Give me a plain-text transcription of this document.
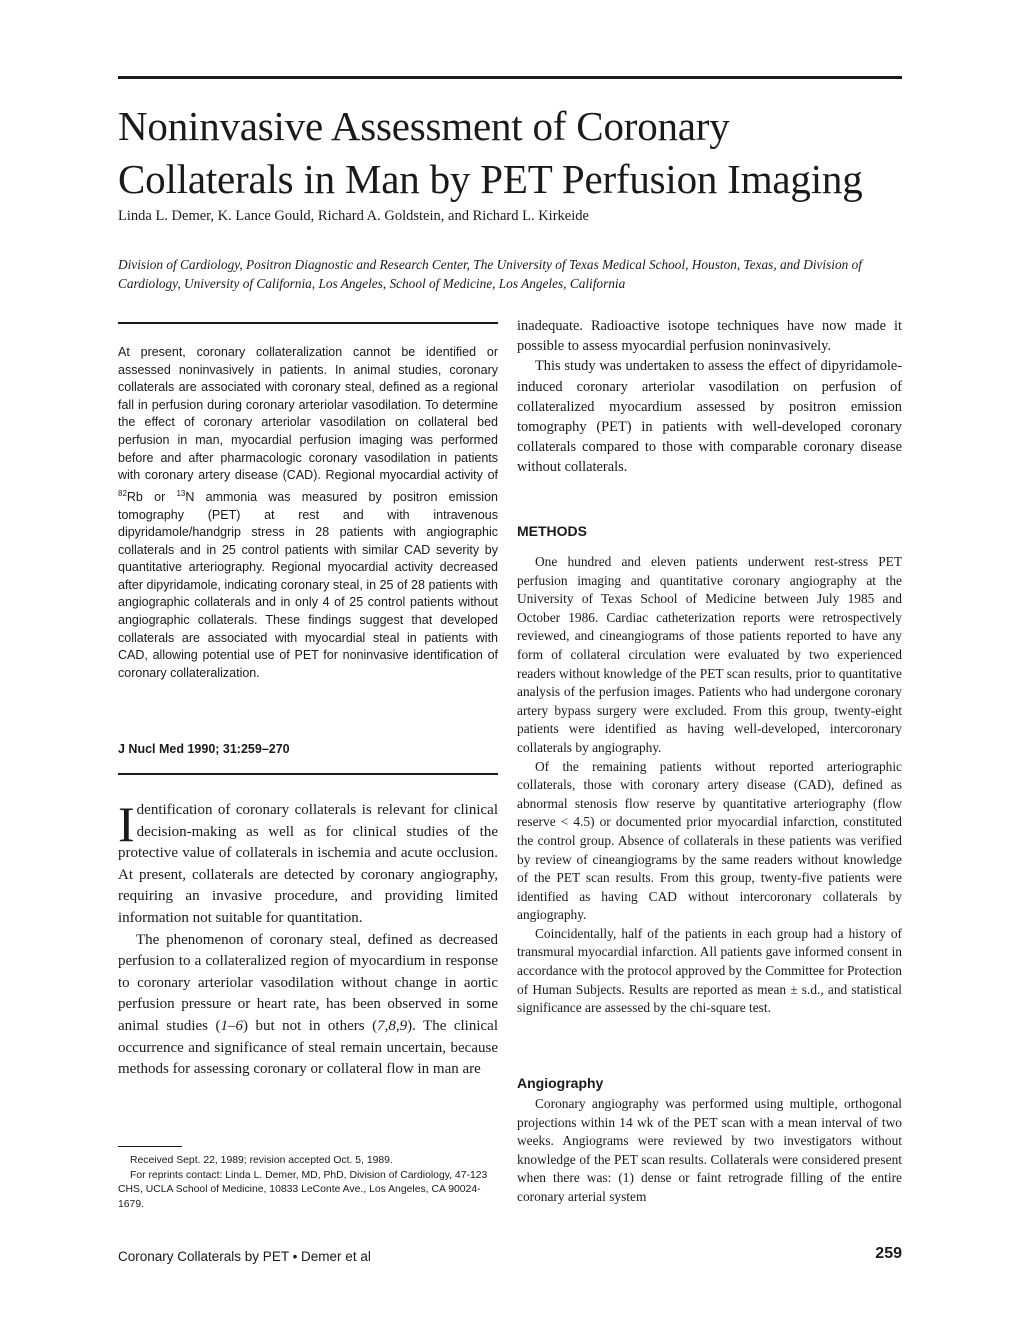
Noninvasive Assessment of Coronary
Collaterals in Man by PET Perfusion Imaging
Linda L. Demer, K. Lance Gould, Richard A. Goldstein, and Richard L. Kirkeide
Division of Cardiology, Positron Diagnostic and Research Center, The University of Texas Medical School, Houston, Texas, and Division of Cardiology, University of California, Los Angeles, School of Medicine, Los Angeles, California
At present, coronary collateralization cannot be identified or assessed noninvasively in patients. In animal studies, coronary collaterals are associated with coronary steal, defined as a regional fall in perfusion during coronary arteriolar vasodilation. To determine the effect of coronary arteriolar vasodilation on collateral bed perfusion in man, myocardial perfusion imaging was performed before and after pharmacologic coronary vasodilation in patients with coronary artery disease (CAD). Regional myocardial activity of $^{82}$Rb or $^{13}$N ammonia was measured by positron emission tomography (PET) at rest and with intravenous dipyridamole/handgrip stress in 28 patients with angiographic collaterals and in 25 control patients with similar CAD severity by quantitative arteriography. Regional myocardial activity decreased after dipyridamole, indicating coronary steal, in 25 of 28 patients with angiographic collaterals and in only 4 of 25 control patients without angiographic collaterals. These findings suggest that developed collaterals are associated with myocardial steal in patients with CAD, allowing potential use of PET for noninvasive identification of coronary collateralization.
J Nucl Med 1990; 31:259–270

Identification of coronary collaterals is relevant for clinical decision-making as well as for clinical studies of the protective value of collaterals in ischemia and acute occlusion. At present, collaterals are detected by coronary angiography, requiring an invasive procedure, and providing limited information not suitable for quantitation.

The phenomenon of coronary steal, defined as decreased perfusion to a collateralized region of myocardium in response to coronary arteriolar vasodilation without change in aortic perfusion pressure or heart rate, has been observed in some animal studies (1–6) but not in others (7,8,9). The clinical occurrence and significance of steal remain uncertain, because methods for assessing coronary or collateral flow in man are

Received Sept. 22, 1989; revision accepted Oct. 5, 1989.

For reprints contact: Linda L. Demer, MD, PhD, Division of Cardiology, 47-123 CHS, UCLA School of Medicine, 10833 LeConte Ave., Los Angeles, CA 90024-1679.

inadequate. Radioactive isotope techniques have now made it possible to assess myocardial perfusion noninvasively.

This study was undertaken to assess the effect of dipyridamole-induced coronary arteriolar vasodilation on perfusion of collateralized myocardium assessed by positron emission tomography (PET) in patients with well-developed coronary collaterals compared to those with comparable coronary disease without collaterals.

METHODS

One hundred and eleven patients underwent rest-stress PET perfusion imaging and quantitative coronary angiography at the University of Texas School of Medicine between July 1985 and October 1986. Cardiac catheterization reports were retrospectively reviewed, and cineangiograms of those patients reported to have any form of collateral circulation were evaluated by two experienced readers without knowledge of the PET scan results, prior to quantitative analysis of the perfusion images. Patients who had undergone coronary artery bypass surgery were excluded. From this group, twenty-eight patients were identified as having well-developed, intercoronary collaterals by angiography.

Of the remaining patients without reported arteriographic collaterals, those with coronary artery disease (CAD), defined as abnormal stenosis flow reserve by quantitative arteriography (flow reserve < 4.5) or documented prior myocardial infarction, constituted the control group. Absence of collaterals in these patients was verified by review of cineangiograms by the same readers without knowledge of the PET scan results. From this group, twenty-five patients were identified as having CAD without intercoronary collaterals by angiography.

Coincidentally, half of the patients in each group had a history of transmural myocardial infarction. All patients gave informed consent in accordance with the protocol approved by the Committee for Protection of Human Subjects. Results are reported as mean ± s.d., and statistical significance are assessed by the chi-square test.

Angiography

Coronary angiography was performed using multiple, orthogonal projections within 14 wk of the PET scan with a mean interval of two weeks. Angiograms were reviewed by two investigators without knowledge of the PET scan results. Collaterals were considered present when there was: (1) dense or faint retrograde filling of the entire coronary arterial system

Coronary Collaterals by PET • Demer et al	259
